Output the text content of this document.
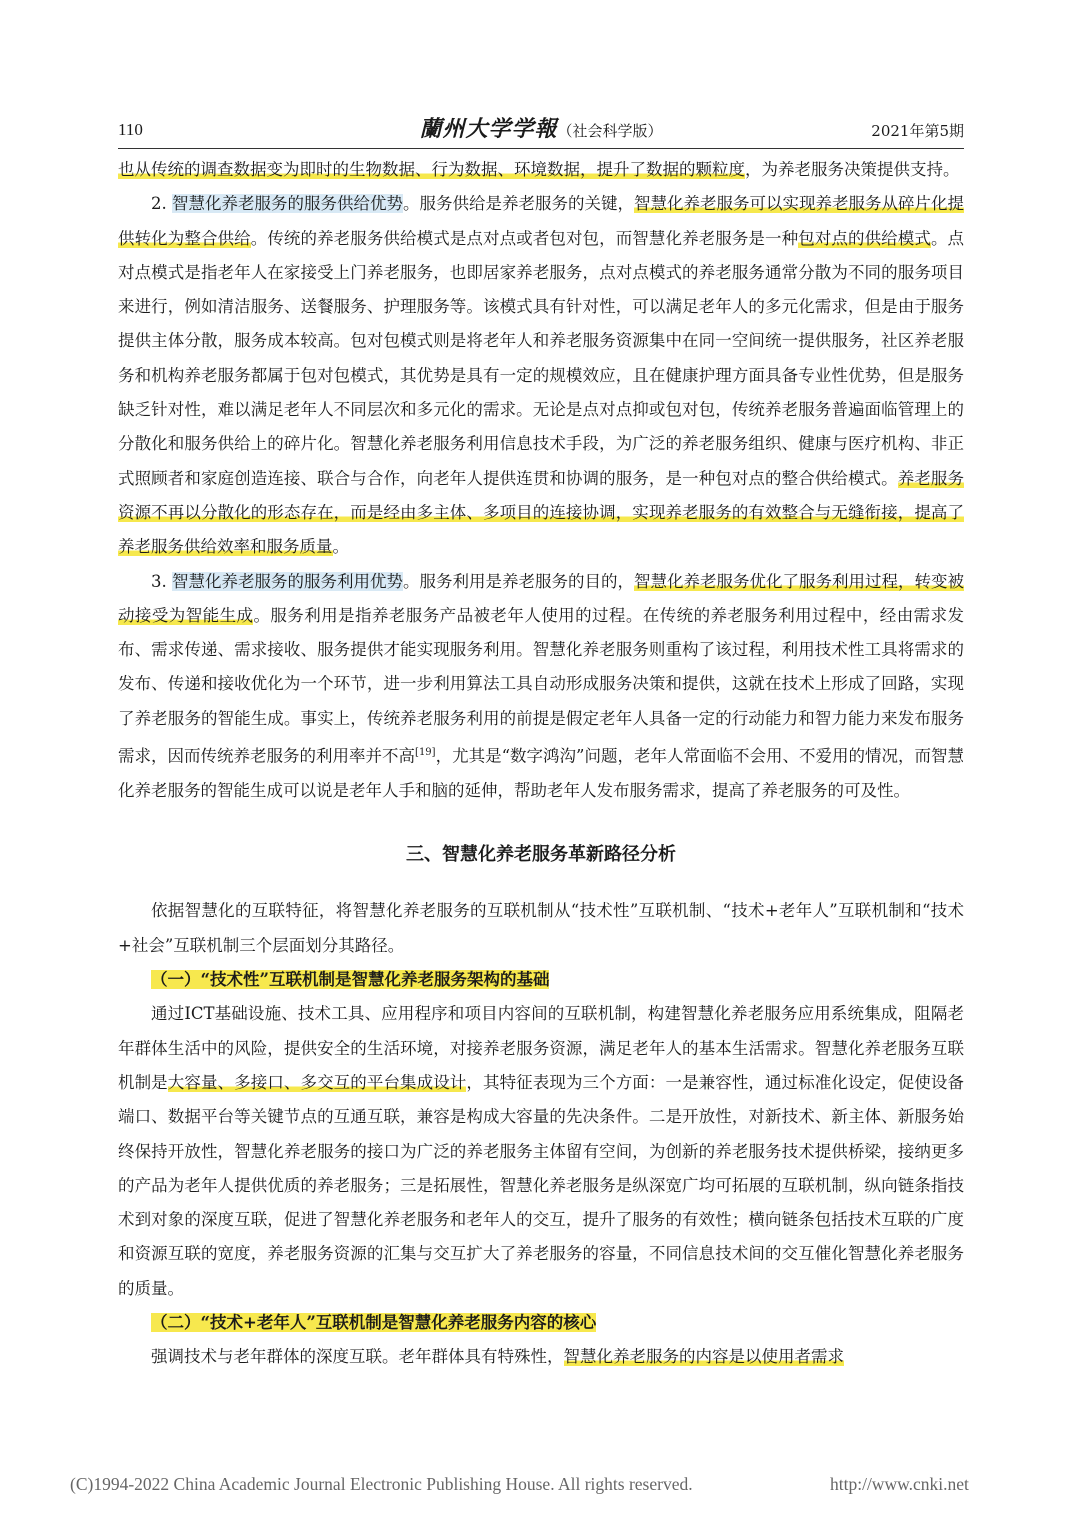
110	蘭州大学学報（社会科学版）	2021年第5期

也从传统的调查数据变为即时的生物数据、行为数据、环境数据，提升了数据的颗粒度，为养老服务决策提供支持。

2. 智慧化养老服务的服务供给优势。服务供给是养老服务的关键，智慧化养老服务可以实现养老服务从碎片化提供转化为整合供给。传统的养老服务供给模式是点对点或者包对包，而智慧化养老服务是一种包对点的供给模式。点对点模式是指老年人在家接受上门养老服务，也即居家养老服务，点对点模式的养老服务通常分散为不同的服务项目来进行，例如清洁服务、送餐服务、护理服务等。该模式具有针对性，可以满足老年人的多元化需求，但是由于服务提供主体分散，服务成本较高。包对包模式则是将老年人和养老服务资源集中在同一空间统一提供服务，社区养老服务和机构养老服务都属于包对包模式，其优势是具有一定的规模效应，且在健康护理方面具备专业性优势，但是服务缺乏针对性，难以满足老年人不同层次和多元化的需求。无论是点对点抑或包对包，传统养老服务普遍面临管理上的分散化和服务供给上的碎片化。智慧化养老服务利用信息技术手段，为广泛的养老服务组织、健康与医疗机构、非正式照顾者和家庭创造连接、联合与合作，向老年人提供连贯和协调的服务，是一种包对点的整合供给模式。养老服务资源不再以分散化的形态存在，而是经由多主体、多项目的连接协调，实现养老服务的有效整合与无缝衔接，提高了养老服务供给效率和服务质量。

3. 智慧化养老服务的服务利用优势。服务利用是养老服务的目的，智慧化养老服务优化了服务利用过程，转变被动接受为智能生成。服务利用是指养老服务产品被老年人使用的过程。在传统的养老服务利用过程中，经由需求发布、需求传递、需求接收、服务提供才能实现服务利用。智慧化养老服务则重构了该过程，利用技术性工具将需求的发布、传递和接收优化为一个环节，进一步利用算法工具自动形成服务决策和提供，这就在技术上形成了回路，实现了养老服务的智能生成。事实上，传统养老服务利用的前提是假定老年人具备一定的行动能力和智力能力来发布服务需求，因而传统养老服务的利用率并不高[19]，尤其是“数字鸿沟”问题，老年人常面临不会用、不爱用的情况，而智慧化养老服务的智能生成可以说是老年人手和脑的延伸，帮助老年人发布服务需求，提高了养老服务的可及性。

三、智慧化养老服务革新路径分析

依据智慧化的互联特征，将智慧化养老服务的互联机制从“技术性”互联机制、“技术+老年人”互联机制和“技术+社会”互联机制三个层面划分其路径。

（一）“技术性”互联机制是智慧化养老服务架构的基础

通过ICT基础设施、技术工具、应用程序和项目内容间的互联机制，构建智慧化养老服务应用系统集成，阻隔老年群体生活中的风险，提供安全的生活环境，对接养老服务资源，满足老年人的基本生活需求。智慧化养老服务互联机制是大容量、多接口、多交互的平台集成设计，其特征表现为三个方面：一是兼容性，通过标准化设定，促使设备端口、数据平台等关键节点的互通互联，兼容是构成大容量的先决条件。二是开放性，对新技术、新主体、新服务始终保持开放性，智慧化养老服务的接口为广泛的养老服务主体留有空间，为创新的养老服务技术提供桥梁，接纳更多的产品为老年人提供优质的养老服务；三是拓展性，智慧化养老服务是纵深宽广均可拓展的互联机制，纵向链条指技术到对象的深度互联，促进了智慧化养老服务和老年人的交互，提升了服务的有效性；横向链条包括技术互联的广度和资源互联的宽度，养老服务资源的汇集与交互扩大了养老服务的容量，不同信息技术间的交互催化智慧化养老服务的质量。

（二）“技术+老年人”互联机制是智慧化养老服务内容的核心

强调技术与老年群体的深度互联。老年群体具有特殊性，智慧化养老服务的内容是以使用者需求

(C)1994-2022 China Academic Journal Electronic Publishing House. All rights reserved.	http://www.cnki.net
